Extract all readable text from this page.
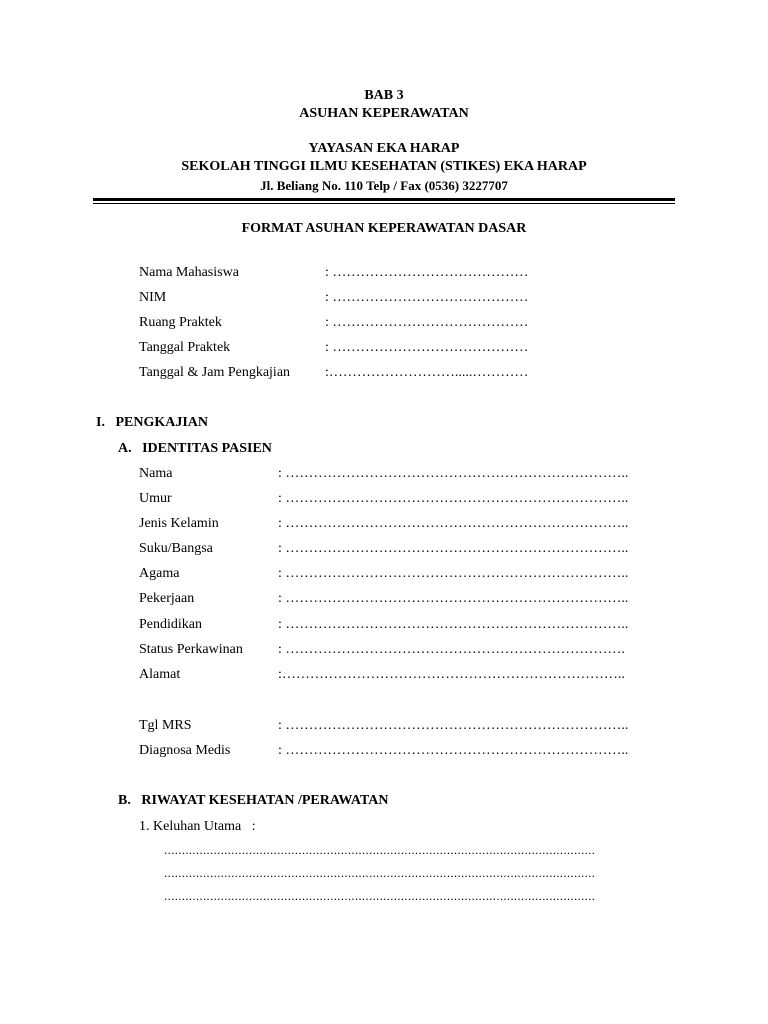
BAB 3
ASUHAN KEPERAWATAN
YAYASAN EKA HARAP
SEKOLAH TINGGI ILMU KESEHATAN (STIKES) EKA HARAP
Jl. Beliang No. 110 Telp / Fax (0536) 3227707
FORMAT ASUHAN KEPERAWATAN DASAR
Nama Mahasiswa	: ……………………………………
NIM	: ……………………………………
Ruang Praktek	: ……………………………………
Tanggal Praktek	: ……………………………………
Tanggal & Jam Pengkajian :……………………….....…………
I.   PENGKAJIAN
A.   IDENTITAS PASIEN
Nama	: ………………………………………………………………..
Umur	: ………………………………………………………………..
Jenis Kelamin	: ………………………………………………………………..
Suku/Bangsa	: ………………………………………………………………..
Agama	: ………………………………………………………………..
Pekerjaan	: ………………………………………………………………..
Pendidikan	: ………………………………………………………………..
Status Perkawinan	: ……………………………………………………………….‌
Alamat	:………………………………………………………………..
Tgl MRS	: ………………………………………………………………..
Diagnosa Medis	: ………………………………………………………………..
B.   RIWAYAT KESEHATAN /PERAWATAN
1. Keluhan Utama   :
..........................................................................................................................
..........................................................................................................................
..........................................................................................................................
